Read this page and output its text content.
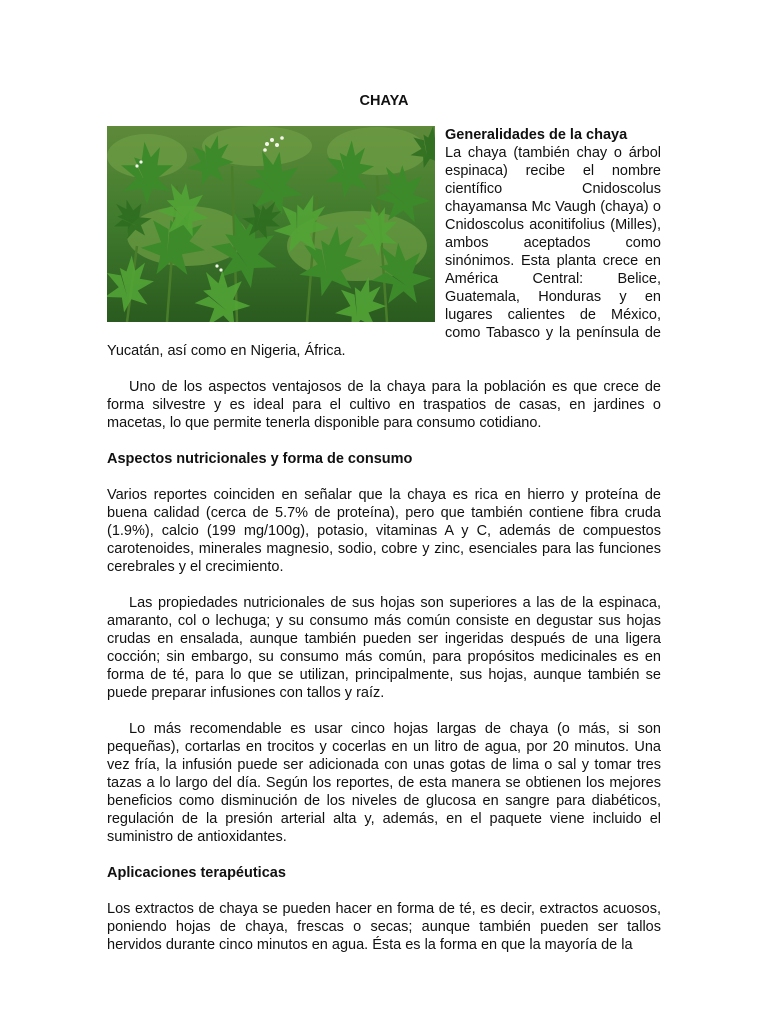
CHAYA
Generalidades de la chaya

La chaya (también chay o árbol espinaca) recibe el nombre científico Cnidoscolus chayamansa Mc Vaugh (chaya) o Cnidoscolus aconitifolius (Milles), ambos aceptados como sinónimos. Esta planta crece en América Central: Belice, Guatemala, Honduras y en lugares calientes de México, como Tabasco y la península de Yucatán, así como en Nigeria, África.

Uno de los aspectos ventajosos de la chaya para la población es que crece de forma silvestre y es ideal para el cultivo en traspatios de casas, en jardines o macetas, lo que permite tenerla disponible para consumo cotidiano.

Aspectos nutricionales y forma de consumo

Varios reportes coinciden en señalar que la chaya es rica en hierro y proteína de buena calidad (cerca de 5.7% de proteína), pero que también contiene fibra cruda (1.9%), calcio (199 mg/100g), potasio, vitaminas A y C, además de compuestos carotenoides, minerales magnesio, sodio, cobre y zinc, esenciales para las funciones cerebrales y el crecimiento.

Las propiedades nutricionales de sus hojas son superiores a las de la espinaca, amaranto, col o lechuga; y su consumo más común consiste en degustar sus hojas crudas en ensalada, aunque también pueden ser ingeridas después de una ligera cocción; sin embargo, su consumo más común, para propósitos medicinales es en forma de té, para lo que se utilizan, principalmente, sus hojas, aunque también se puede preparar infusiones con tallos y raíz.

Lo más recomendable es usar cinco hojas largas de chaya (o más, si son pequeñas), cortarlas en trocitos y cocerlas en un litro de agua, por 20 minutos. Una vez fría, la infusión puede ser adicionada con unas gotas de lima o sal y tomar tres tazas a lo largo del día. Según los reportes, de esta manera se obtienen los mejores beneficios como disminución de los niveles de glucosa en sangre para diabéticos, regulación de la presión arterial alta y, además, en el paquete viene incluido el suministro de antioxidantes.

Aplicaciones terapéuticas

Los extractos de chaya se pueden hacer en forma de té, es decir, extractos acuosos, poniendo hojas de chaya, frescas o secas; aunque también pueden ser tallos hervidos durante cinco minutos en agua. Ésta es la forma en que la mayoría de la
